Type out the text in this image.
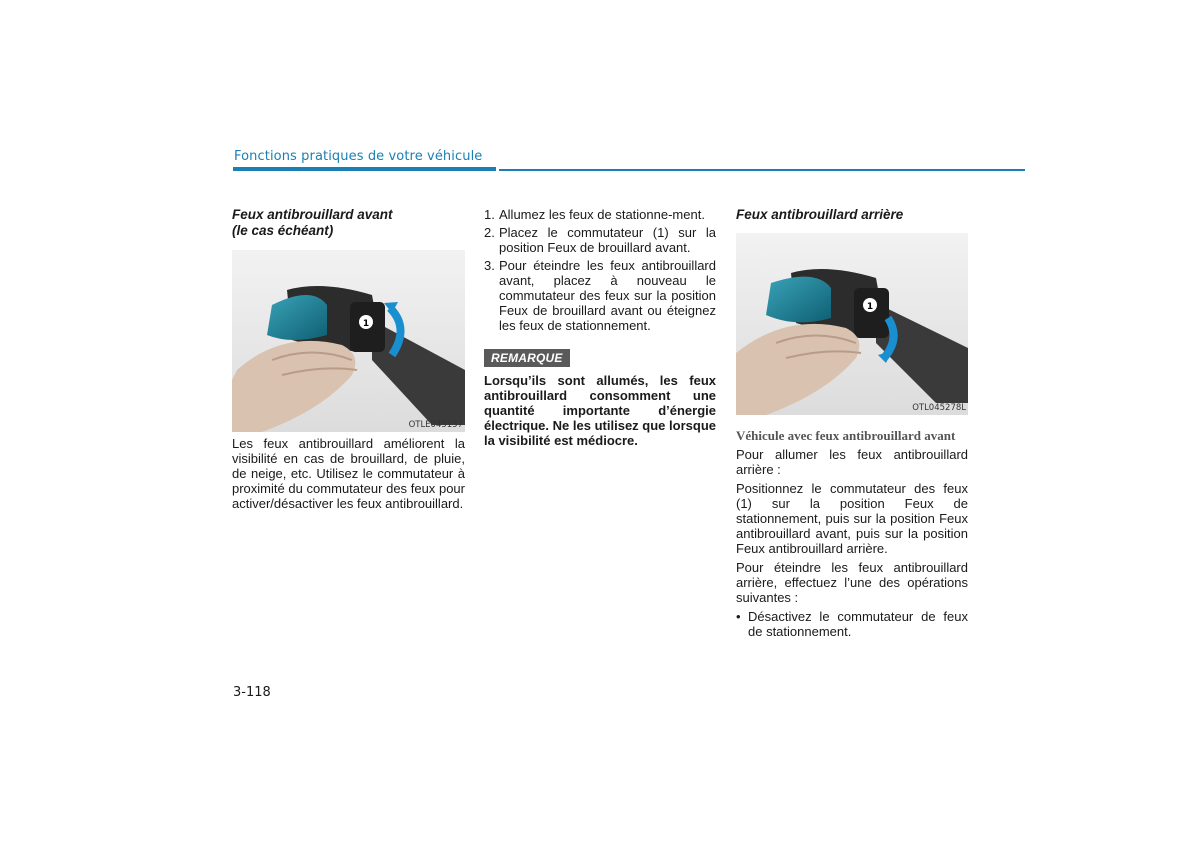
Fonctions pratiques de votre véhicule
Feux antibrouillard avant
(le cas échéant)
1
OTLE045157

Les feux antibrouillard améliorent la visibilité en cas de brouillard, de pluie, de neige, etc. Utilisez le commutateur à proximité du commutateur des feux pour activer/désactiver les feux antibrouillard.

1. Allumez les feux de stationne-ment.
2. Placez le commutateur (1) sur la position Feux de brouillard avant.
3. Pour éteindre les feux antibrouillard avant, placez à nouveau le commutateur des feux sur la position Feux de brouillard avant ou éteignez les feux de stationnement.
REMARQUE

Lorsqu’ils sont allumés, les feux antibrouillard consomment une quantité importante d’énergie électrique. Ne les utilisez que lorsque la visibilité est médiocre.

Feux antibrouillard arrière
1
OTL045278L

Véhicule avec feux antibrouillard avant

Pour allumer les feux antibrouillard arrière :

Positionnez le commutateur des feux (1) sur la position Feux de stationnement, puis sur la position Feux antibrouillard avant, puis sur la position Feux antibrouillard arrière.

Pour éteindre les feux antibrouillard arrière, effectuez l’une des opérations suivantes :

• Désactivez le commutateur de feux de stationnement.
3-118
